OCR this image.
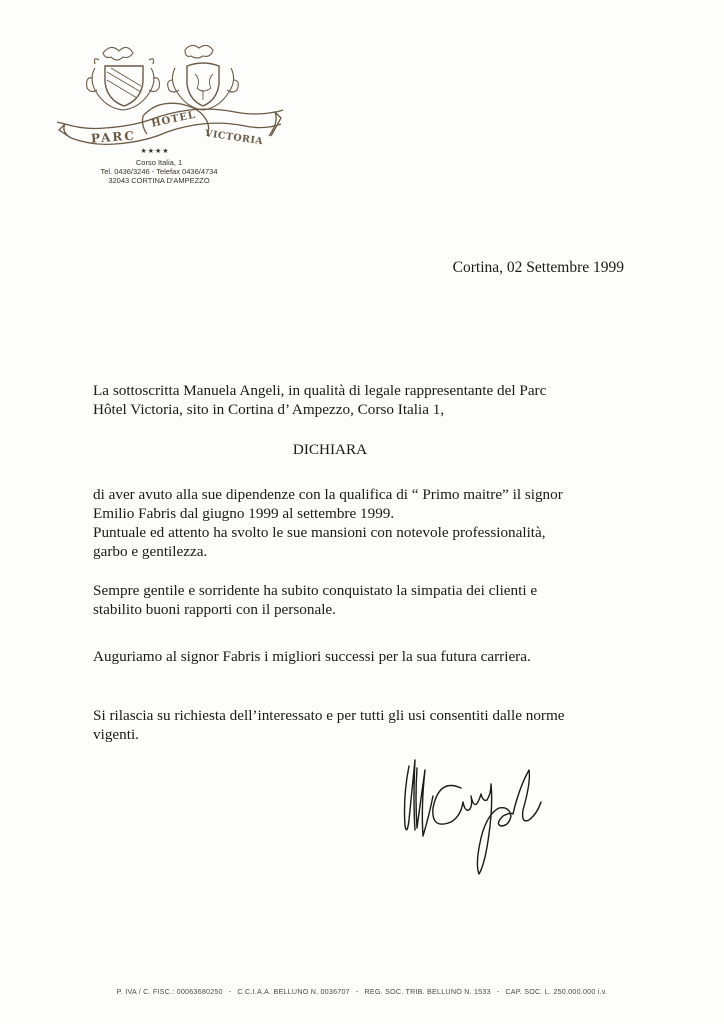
PARC
HOTEL
VICTORIA
★★★★
Corso Italia, 1
Tel. 0436/3246 - Telefax 0436/4734
32043 CORTINA D'AMPEZZO
Cortina, 02 Settembre 1999
La sottoscritta Manuela Angeli, in qualità di legale rappresentante del Parc
Hôtel Victoria, sito in Cortina d’ Ampezzo, Corso Italia 1,
DICHIARA
di aver avuto alla sue dipendenze con la qualifica di “ Primo maitre” il signor
Emilio Fabris dal giugno 1999 al settembre 1999.
Puntuale ed attento ha svolto le sue mansioni con notevole professionalità,
garbo e gentilezza.
Sempre gentile e sorridente ha subito conquistato la simpatia dei clienti e
stabilito buoni rapporti con il personale.
Auguriamo al signor Fabris i migliori successi per la sua futura carriera.
Si rilascia su richiesta dell’interessato e per tutti gli usi consentiti dalle norme
vigenti.
P. IVA / C. FISC.: 00063680250 - C.C.I.A.A. BELLUNO N. 0036707 - REG. SOC. TRIB. BELLUNO N. 1533 - CAP. SOC. L. 250.000.000 i.v.
